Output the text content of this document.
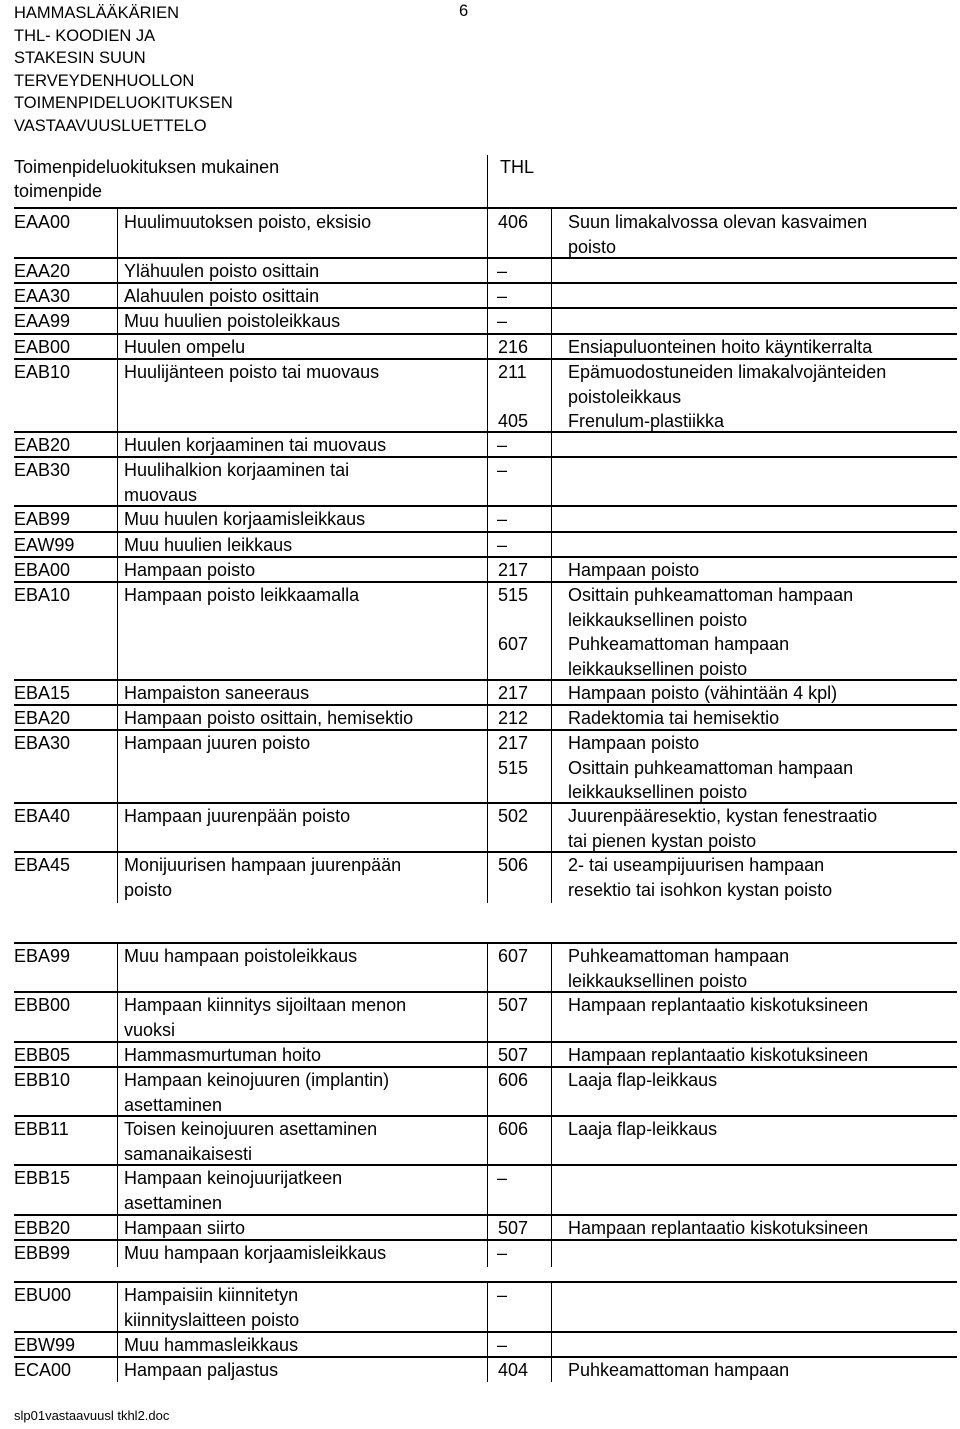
HAMMASLÄÄKÄRIEN
THL- KOODIEN JA
STAKESIN SUUN
TERVEYDENHUOLLON
TOIMENPIDELUOKITUKSEN
VASTAAVUUSLUETTELO
6
Toimenpideluokituksen mukainen
toimenpide
THL
EAA00	Huulimuutoksen poisto, eksisio	406 Suun limakalvossa olevan kasvaimen
poisto
EAA20	Ylähuulen poisto osittain	–
EAA30	Alahuulen poisto osittain	–
EAA99	Muu huulien poistoleikkaus	–
EAB00	Huulen ompelu	216 Ensiapuluonteinen hoito käyntikerralta
EAB10	Huulijänteen poisto tai muovaus	211 Epämuodostuneiden limakalvojänteiden
poistoleikkaus
405 Frenulum-plastiikka
EAB20	Huulen korjaaminen tai muovaus	–
EAB30	Huulihalkion korjaaminen tai
muovaus
–
EAB99	Muu huulen korjaamisleikkaus	–
EAW99	Muu huulien leikkaus	–
EBA00	Hampaan poisto	217 Hampaan poisto
EBA10	Hampaan poisto leikkaamalla	515 Osittain puhkeamattoman hampaan
leikkauksellinen poisto
607 Puhkeamattoman hampaan
leikkauksellinen poisto
EBA15	Hampaiston saneeraus	217 Hampaan poisto (vähintään 4 kpl)
EBA20	Hampaan poisto osittain, hemisektio	212 Radektomia tai hemisektio
EBA30	Hampaan juuren poisto	217 Hampaan poisto
515 Osittain puhkeamattoman hampaan
leikkauksellinen poisto
EBA40	Hampaan juurenpään poisto	502 Juurenpääresektio, kystan fenestraatio
tai pienen kystan poisto
EBA45	Monijuurisen hampaan juurenpään
poisto
506 2- tai useampijuurisen hampaan
resektio tai isohkon kystan poisto
EBA99	Muu hampaan poistoleikkaus	607 Puhkeamattoman hampaan
leikkauksellinen poisto
EBB00	Hampaan kiinnitys sijoiltaan menon
vuoksi
507 Hampaan replantaatio kiskotuksineen
EBB05	Hammasmurtuman hoito	507 Hampaan replantaatio kiskotuksineen
EBB10	Hampaan keinojuuren (implantin)
asettaminen
606 Laaja flap-leikkaus
EBB11	Toisen keinojuuren asettaminen
samanaikaisesti
606 Laaja flap-leikkaus
EBB15	Hampaan keinojuurijatkeen
asettaminen
–
EBB20	Hampaan siirto	507 Hampaan replantaatio kiskotuksineen
EBB99	Muu hampaan korjaamisleikkaus	–
EBU00	Hampaisiin kiinnitetyn
kiinnityslaitteen poisto
–
EBW99	Muu hammasleikkaus	–
ECA00	Hampaan paljastus	404 Puhkeamattoman hampaan
slp01vastaavuusl tkhl2.doc
